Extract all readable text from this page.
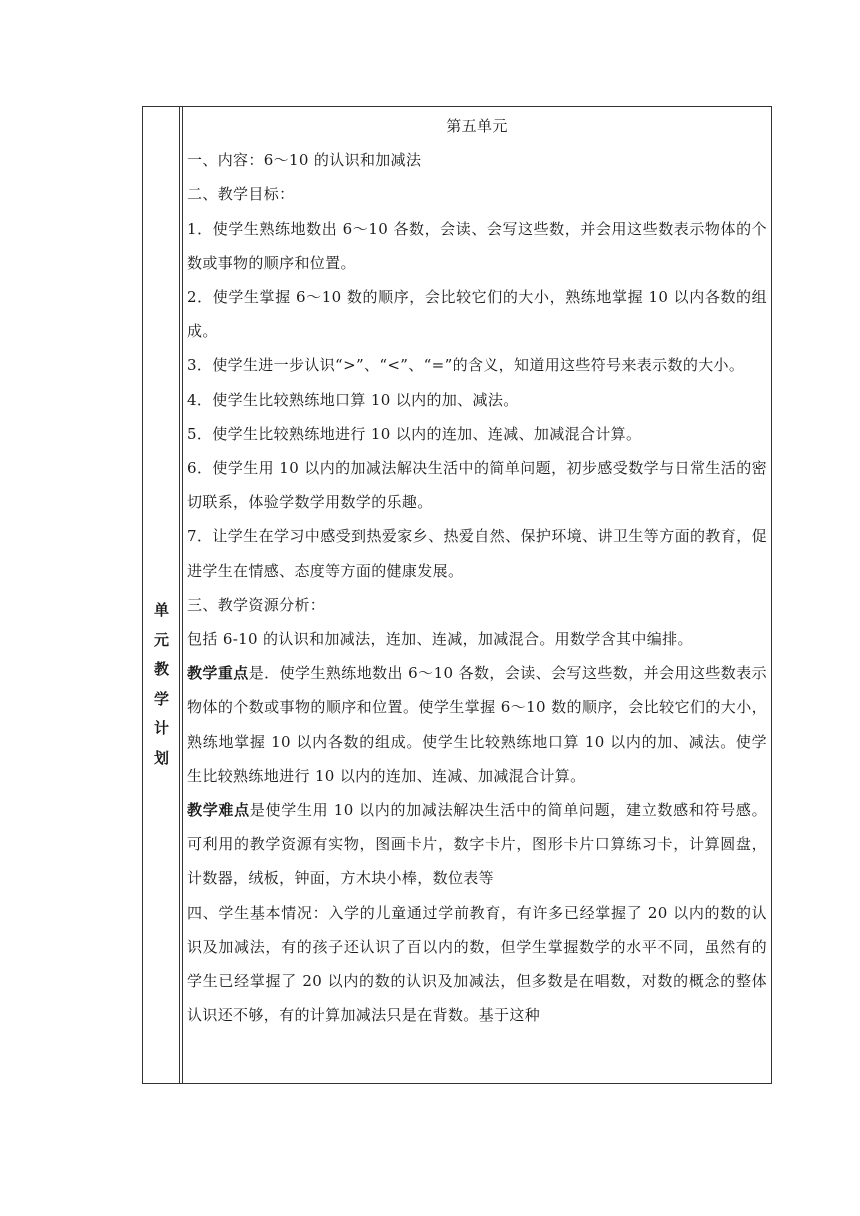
单
元
教
学
计
划

第五单元

一、内容：6～10 的认识和加减法

二、教学目标：

1．使学生熟练地数出 6～10 各数，会读、会写这些数，并会用这些数表示物体的个数或事物的顺序和位置。

2．使学生掌握 6～10 数的顺序，会比较它们的大小，熟练地掌握 10 以内各数的组成。

3．使学生进一步认识“>”、“<”、“=”的含义，知道用这些符号来表示数的大小。

4．使学生比较熟练地口算 10 以内的加、减法。

5．使学生比较熟练地进行 10 以内的连加、连减、加减混合计算。

6．使学生用 10 以内的加减法解决生活中的简单问题，初步感受数学与日常生活的密切联系，体验学数学用数学的乐趣。

7．让学生在学习中感受到热爱家乡、热爱自然、保护环境、讲卫生等方面的教育，促进学生在情感、态度等方面的健康发展。

三、教学资源分析：

包括 6-10 的认识和加减法，连加、连减，加减混合。用数学含其中编排。

教学重点是．使学生熟练地数出 6～10 各数，会读、会写这些数，并会用这些数表示物体的个数或事物的顺序和位置。使学生掌握 6～10 数的顺序，会比较它们的大小，熟练地掌握 10 以内各数的组成。使学生比较熟练地口算 10 以内的加、减法。使学生比较熟练地进行 10 以内的连加、连减、加减混合计算。

教学难点是使学生用 10 以内的加减法解决生活中的简单问题，建立数感和符号感。可利用的教学资源有实物，图画卡片，数字卡片，图形卡片口算练习卡，计算圆盘，计数器，绒板，钟面，方木块小棒，数位表等

四、学生基本情况：入学的儿童通过学前教育，有许多已经掌握了 20 以内的数的认识及加减法，有的孩子还认识了百以内的数，但学生掌握数学的水平不同，虽然有的学生已经掌握了 20 以内的数的认识及加减法，但多数是在唱数，对数的概念的整体认识还不够，有的计算加减法只是在背数。基于这种
